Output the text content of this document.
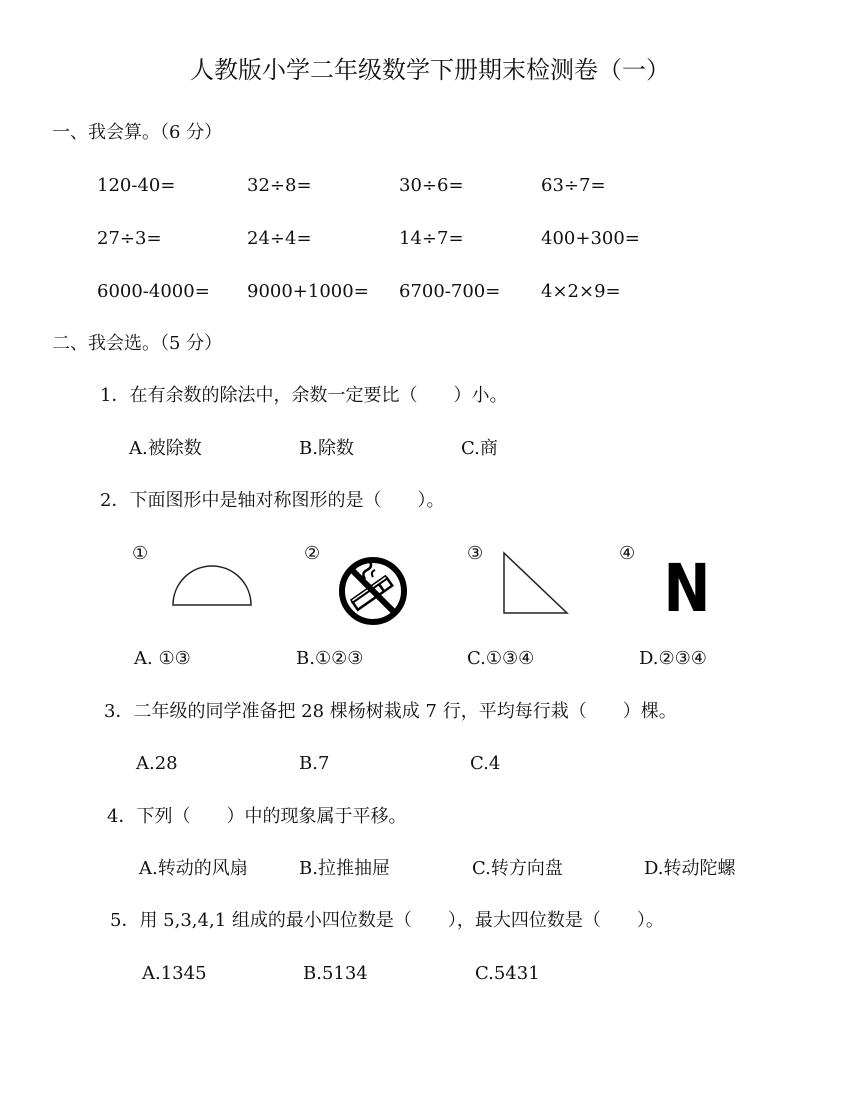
人教版小学二年级数学下册期末检测卷（一）
一、我会算。（6 分）
120-40=	32÷8=	30÷6=	63÷7=
27÷3=	24÷4=	14÷7=	400+300=
6000-4000= 9000+1000= 6700-700= 4×2×9=
二、我会选。（5 分）
1．在有余数的除法中，余数一定要比（　　）小。
A.被除数	B.除数	C.商
2．下面图形中是轴对称图形的是（　　）。
①	②	③	④ N
A. ①③	B.①②③	C.①③④	D.②③④
3．二年级的同学准备把 28 棵杨树栽成 7 行，平均每行栽（　　）棵。
A.28	B.7	C.4
4．下列（　　）中的现象属于平移。
A.转动的风扇	B.拉推抽屉	C.转方向盘	D.转动陀螺
5．用 5,3,4,1 组成的最小四位数是（　　），最大四位数是（　　）。
A.1345	B.5134	C.5431
